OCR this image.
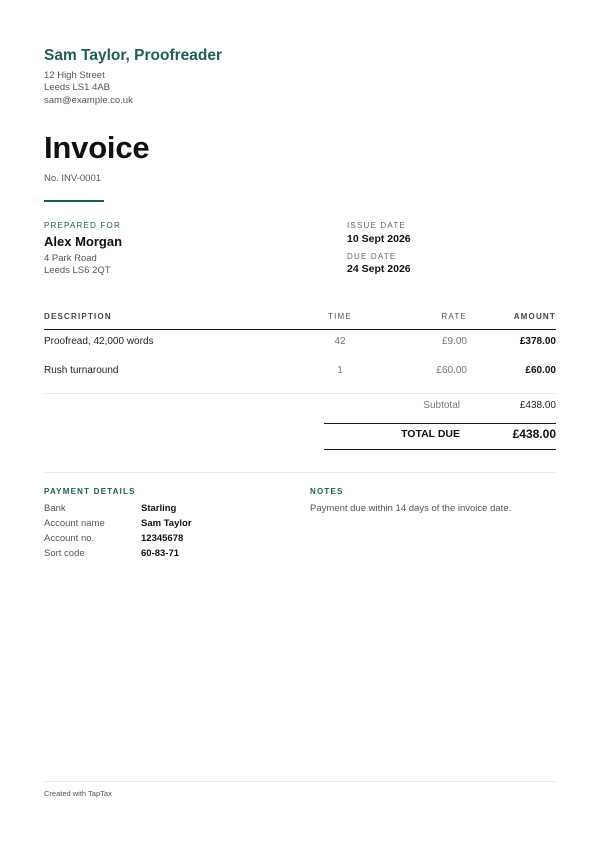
Sam Taylor, Proofreader
12 High Street
Leeds LS1 4AB
sam@example.co.uk
Invoice
No. INV-0001
PREPARED FOR
Alex Morgan
4 Park Road
Leeds LS6 2QT
ISSUE DATE
10 Sept 2026
DUE DATE
24 Sept 2026
DESCRIPTION	TIME	RATE	AMOUNT
Proofread, 42,000 words	42	£9.00	£378.00
Rush turnaround	1	£60.00	£60.00
Subtotal	£438.00
TOTAL DUE	£438.00
PAYMENT DETAILS
Bank	Starling
Account name	Sam Taylor
Account no.	12345678
Sort code	60-83-71
NOTES
Payment due within 14 days of the invoice date.
Created with TapTax
